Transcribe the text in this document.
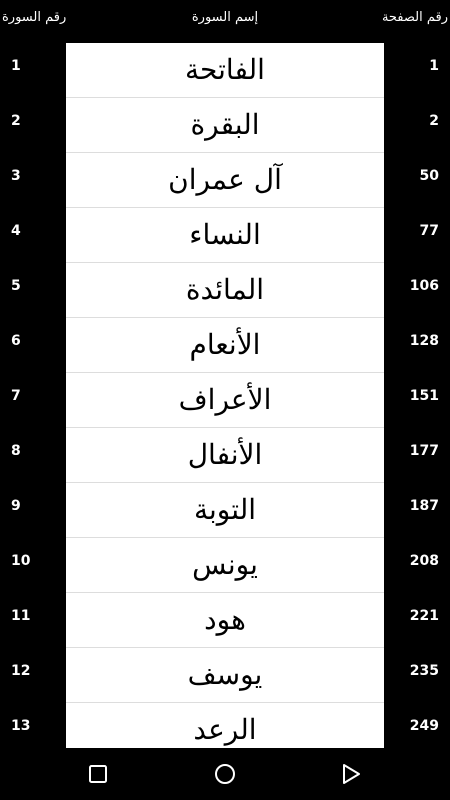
رقم السورة	إسم السورة	رقم الصفحة
1	الفاتحة	1
2	البقرة	2
3	آل عمران	50
4	النساء	77
5	المائدة	106
6	الأنعام	128
7	الأعراف	151
8	الأنفال	177
9	التوبة	187
10	يونس	208
11	هود	221
12	يوسف	235
13	الرعد	249
